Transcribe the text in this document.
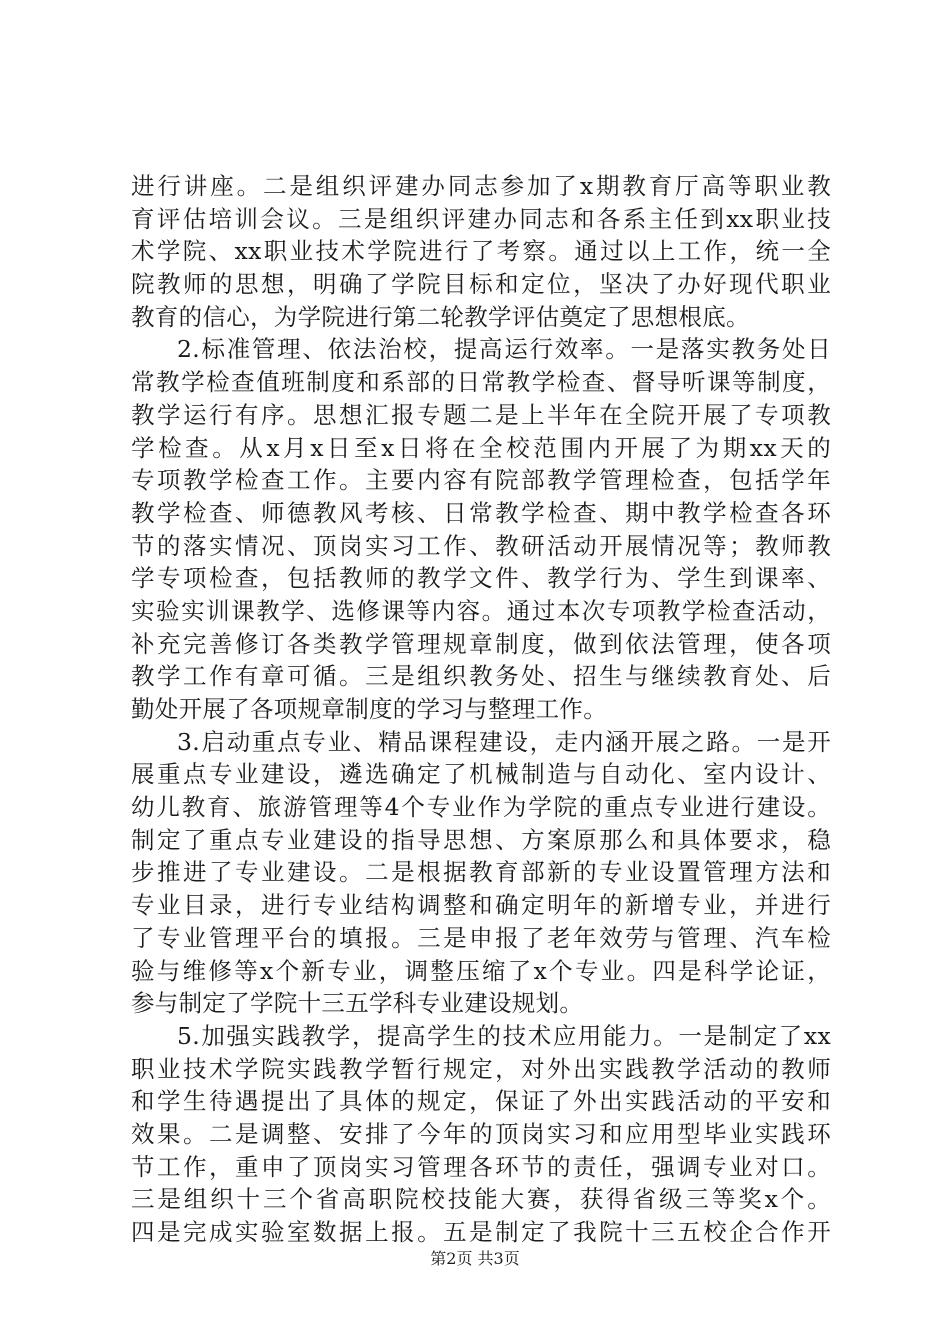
进行讲座。二是组织评建办同志参加了x期教育厅高等职业教
育评估培训会议。三是组织评建办同志和各系主任到xx职业技
术学院、xx职业技术学院进行了考察。通过以上工作，统一全
院教师的思想，明确了学院目标和定位，坚决了办好现代职业
教育的信心，为学院进行第二轮教学评估奠定了思想根底。
2.标准管理、依法治校，提高运行效率。一是落实教务处日
常教学检查值班制度和系部的日常教学检查、督导听课等制度，
教学运行有序。思想汇报专题二是上半年在全院开展了专项教
学检查。从x月x日至x日将在全校范围内开展了为期xx天的
专项教学检查工作。主要内容有院部教学管理检查，包括学年
教学检查、师德教风考核、日常教学检查、期中教学检查各环
节的落实情况、顶岗实习工作、教研活动开展情况等；教师教
学专项检查，包括教师的教学文件、教学行为、学生到课率、
实验实训课教学、选修课等内容。通过本次专项教学检查活动，
补充完善修订各类教学管理规章制度，做到依法管理，使各项
教学工作有章可循。三是组织教务处、招生与继续教育处、后
勤处开展了各项规章制度的学习与整理工作。
3.启动重点专业、精品课程建设，走内涵开展之路。一是开
展重点专业建设，遴选确定了机械制造与自动化、室内设计、
幼儿教育、旅游管理等4个专业作为学院的重点专业进行建设。
制定了重点专业建设的指导思想、方案原那么和具体要求，稳
步推进了专业建设。二是根据教育部新的专业设置管理方法和
专业目录，进行专业结构调整和确定明年的新增专业，并进行
了专业管理平台的填报。三是申报了老年效劳与管理、汽车检
验与维修等x个新专业，调整压缩了x个专业。四是科学论证，
参与制定了学院十三五学科专业建设规划。
5.加强实践教学，提高学生的技术应用能力。一是制定了xx
职业技术学院实践教学暂行规定，对外出实践教学活动的教师
和学生待遇提出了具体的规定，保证了外出实践活动的平安和
效果。二是调整、安排了今年的顶岗实习和应用型毕业实践环
节工作，重申了顶岗实习管理各环节的责任，强调专业对口。
三是组织十三个省高职院校技能大赛，获得省级三等奖x个。
四是完成实验室数据上报。五是制定了我院十三五校企合作开
第2页 共3页
